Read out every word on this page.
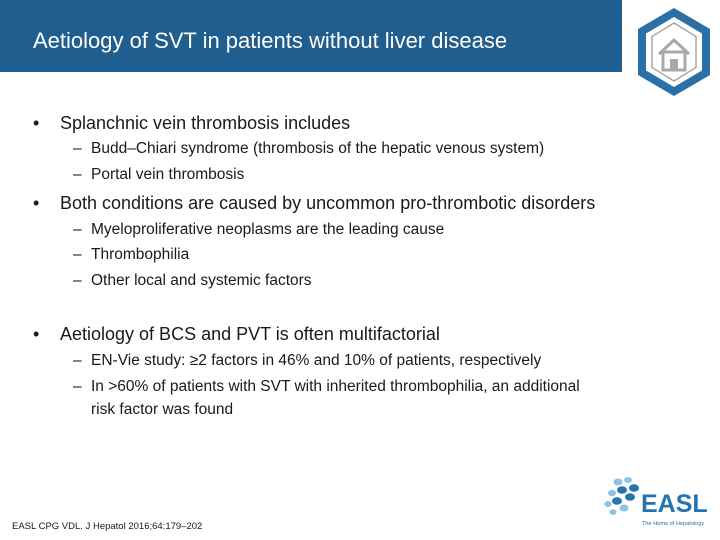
Aetiology of SVT in patients without liver disease
• Splanchnic vein thrombosis includes
– Budd–Chiari syndrome (thrombosis of the hepatic venous system)
– Portal vein thrombosis
• Both conditions are caused by uncommon pro-thrombotic disorders
– Myeloproliferative neoplasms are the leading cause
– Thrombophilia
– Other local and systemic factors
• Aetiology of BCS and PVT is often multifactorial
– EN-Vie study: ≥2 factors in 46% and 10% of patients, respectively
– In >60% of patients with SVT with inherited thrombophilia, an additional
risk factor was found
EASL CPG VDL. J Hepatol 2016;64:179–202
EASL
The Home of Hepatology
